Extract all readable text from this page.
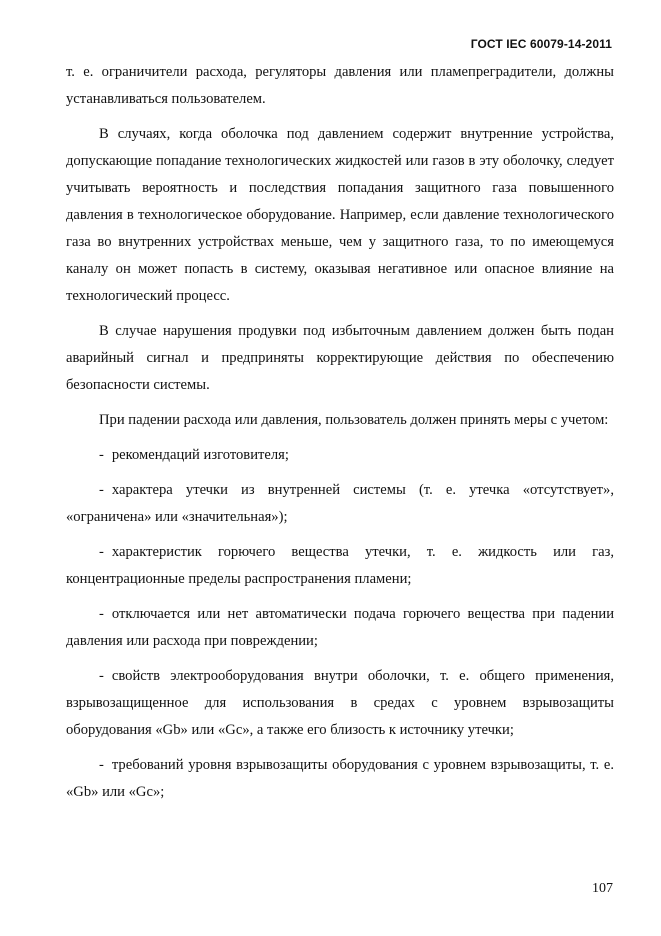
ГОСТ IEC 60079-14-2011

т. е. ограничители расхода, регуляторы давления или пламепреградители, должны устанавливаться пользователем.

В случаях, когда оболочка под давлением содержит внутренние устройства, допускающие попадание технологических жидкостей или газов в эту оболочку, следует учитывать вероятность и последствия попадания защитного газа повышенного давления в технологическое оборудование. Например, если давление технологического газа во внутренних устройствах меньше, чем у защитного газа, то по имеющемуся каналу он может попасть в систему, оказывая негативное или опасное влияние на технологический процесс.

В случае нарушения продувки под избыточным давлением должен быть подан аварийный сигнал и предприняты корректирующие действия по обеспечению безопасности системы.

При падении расхода или давления, пользователь должен принять меры с учетом:

- рекомендаций изготовителя;
- характера утечки из внутренней системы (т. е. утечка «отсутствует», «ограничена» или «значительная»);
- характеристик горючего вещества утечки, т. е. жидкость или газ, концентрационные пределы распространения пламени;
- отключается или нет автоматически подача горючего вещества при падении давления или расхода при повреждении;
- свойств электрооборудования внутри оболочки, т. е. общего применения, взрывозащищенное для использования в средах с уровнем взрывозащиты оборудования «Gb» или «Gc», а также его близость к источнику утечки;
- требований уровня взрывозащиты оборудования с уровнем взрывозащиты, т. е. «Gb» или «Gc»;
107
